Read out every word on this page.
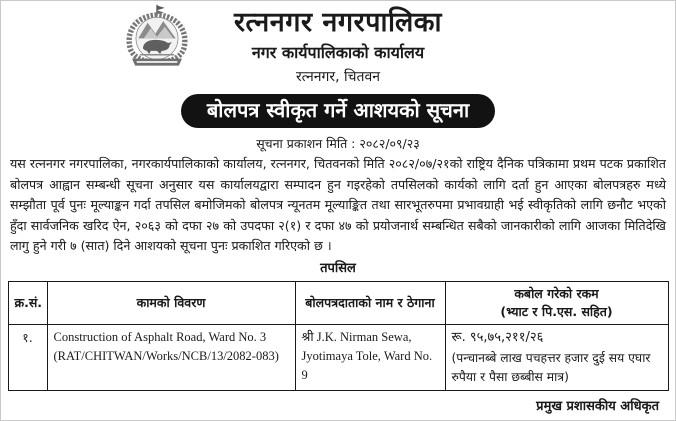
रत्ननगर नगरपालिका
नगर कार्यपालिकाको कार्यालय
रत्ननगर, चितवन
बोलपत्र स्वीकृत गर्ने आशयको सूचना
सूचना प्रकाशन मिति : २०८२/०९/२३
यस रत्ननगर नगरपालिका, नगरकार्यपालिकाको कार्यालय, रत्ननगर, चितवनको मिति २०८२/०७/२१को राष्ट्रिय दैनिक पत्रिकामा प्रथम पटक प्रकाशित बोलपत्र आह्वान सम्बन्धी सूचना अनुसार यस कार्यालयद्वारा सम्पादन हुन गइरहेको तपसिलको कार्यको लागि दर्ता हुन आएका बोलपत्रहरु मध्ये सम्झौता पूर्व पुनः मूल्याङ्कन गर्दा तपसिल बमोजिमको बोलपत्र न्यूनतम मूल्याङ्कित तथा सारभूतरुपमा प्रभावग्राही भई स्वीकृतिको लागि छनौट भएको हुँदा सार्वजनिक खरिद ऐन, २०६३ को दफा २७ को उपदफा २(१) र दफा ४७ को प्रयोजनार्थ सम्बन्धित सबैको जानकारीको लागि आजका मितिदेखि लागु हुने गरी ७ (सात) दिने आशयको सूचना पुनः प्रकाशित गरिएको छ ।
तपसिल
क्र.सं.	कामको विवरण	बोलपत्रदाताको नाम र ठेगाना	कबोल गरेको रकम
(भ्याट र पि.एस. सहित)

१.	Construction of Asphalt Road, Ward No. 3 (RAT/CHITWAN/Works/NCB/13/2082-083)	श्री J.K. Nirman Sewa, Jyotimaya Tole, Ward No. 9	रू. ९५,७५,२११/२६
(पन्चानब्बे लाख पचहत्तर हजार दुई सय एघार रुपैया र पैसा छब्बीस मात्र)
प्रमुख प्रशासकीय अधिकृत
